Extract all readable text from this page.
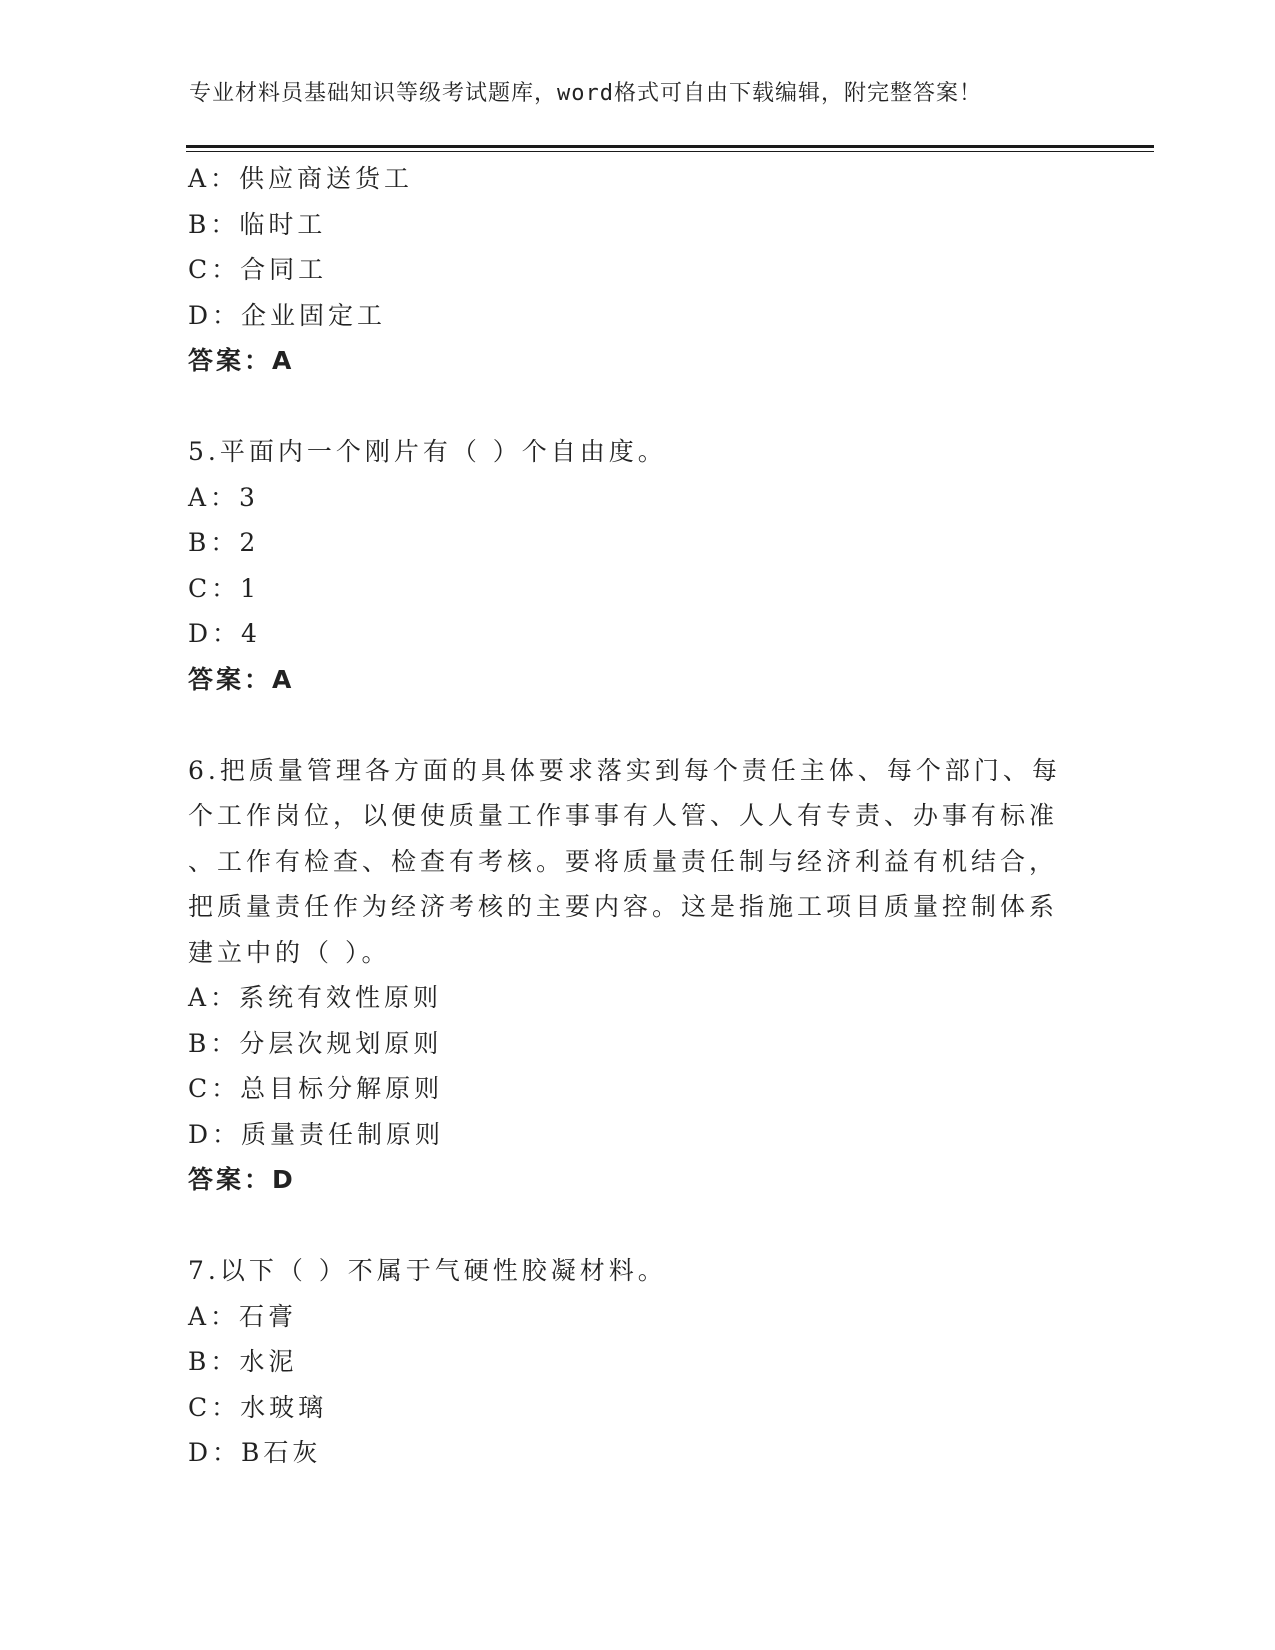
专业材料员基础知识等级考试题库，word格式可自由下载编辑，附完整答案！
A：供应商送货工
B：临时工
C：合同工
D：企业固定工
答案：A
5.平面内一个刚片有（ ）个自由度。
A：3
B：2
C：1
D：4
答案：A
6.把质量管理各方面的具体要求落实到每个责任主体、每个部门、每
个工作岗位，以便使质量工作事事有人管、人人有专责、办事有标准
、工作有检查、检查有考核。要将质量责任制与经济利益有机结合，
把质量责任作为经济考核的主要内容。这是指施工项目质量控制体系
建立中的（ ）。
A：系统有效性原则
B：分层次规划原则
C：总目标分解原则
D：质量责任制原则
答案：D
7.以下（ ）不属于气硬性胶凝材料。
A：石膏
B：水泥
C：水玻璃
D：B石灰
